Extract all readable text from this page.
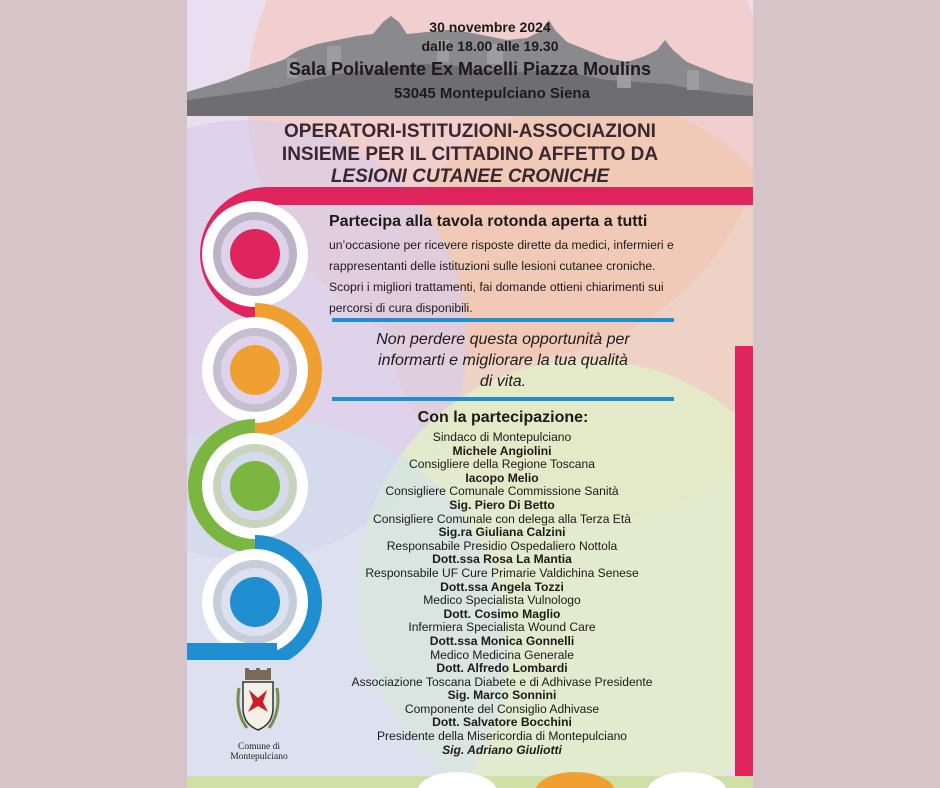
30 novembre 2024
dalle 18.00 alle 19.30
Sala Polivalente Ex Macelli Piazza Moulins
53045 Montepulciano Siena
OPERATORI-ISTITUZIONI-ASSOCIAZIONI
INSIEME PER IL CITTADINO AFFETTO DA
LESIONI CUTANEE CRONICHE
Partecipa alla tavola rotonda aperta a tutti
un’occasione per ricevere risposte dirette da medici, infermieri e
rappresentanti delle istituzioni sulle lesioni cutanee croniche.
Scopri i migliori trattamenti, fai domande ottieni chiarimenti sui
percorsi di cura disponibili.
Non perdere questa opportunità per
informarti e migliorare la tua qualità
di vita.
Con la partecipazione:
Sindaco di Montepulciano
Michele Angiolini
Consigliere della Regione Toscana
Iacopo Melio
Consigliere Comunale Commissione Sanità
Sig. Piero Di Betto
Consigliere Comunale con delega alla Terza Età
Sig.ra Giuliana Calzini
Responsabile Presidio Ospedaliero Nottola
Dott.ssa Rosa La Mantia
Responsabile UF Cure Primarie Valdichina Senese
Dott.ssa Angela Tozzi
Medico Specialista Vulnologo
Dott. Cosimo Maglio
Infermiera Specialista Wound Care
Dott.ssa Monica Gonnelli
Medico Medicina Generale
Dott. Alfredo Lombardi
Associazione Toscana Diabete e di Adhivase Presidente
Sig. Marco Sonnini
Componente del Consiglio Adhivase
Dott. Salvatore Bocchini
Presidente della Misericordia di Montepulciano
Sig. Adriano Giuliotti
Comune di Montepulciano
